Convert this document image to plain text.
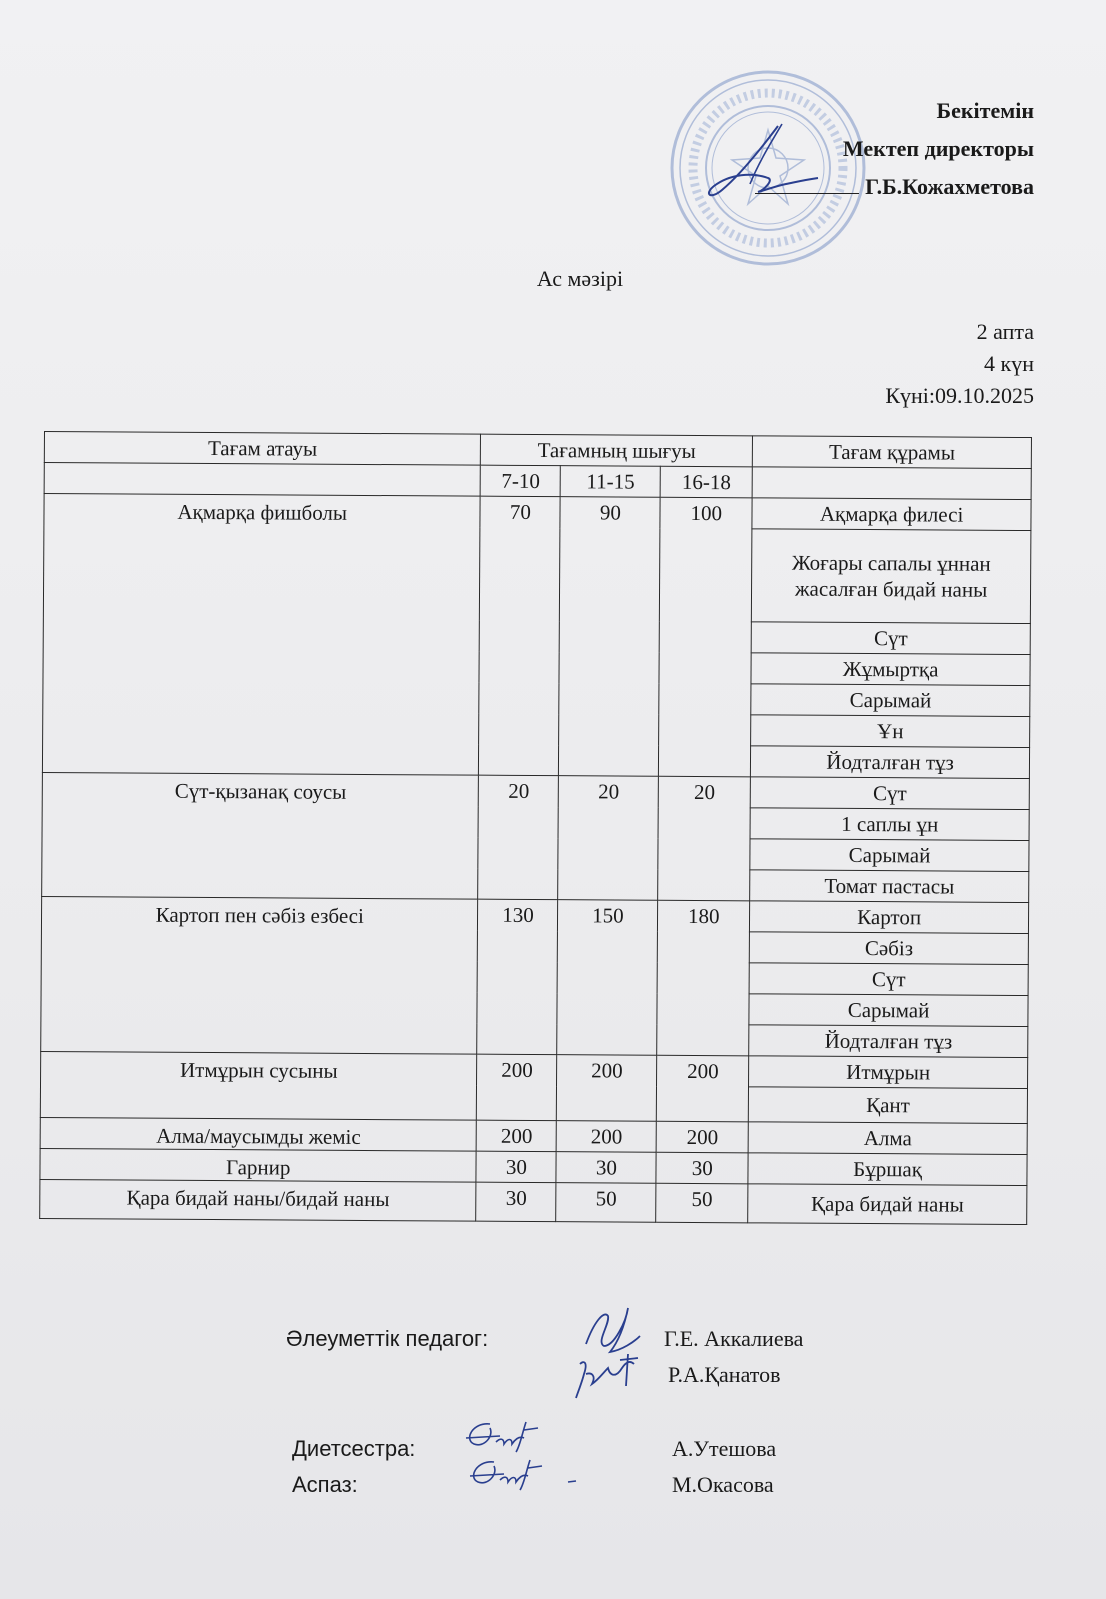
Бекітемін
Мектеп директоры
Г.Б.Кожахметова
Ас мәзірі
2 апта
4 күн
Күні:09.10.2025
Тағам атауы	Тағамның шығуы			Тағам құрамы
	7-10	11-15	16-18	
Ақмарқа фишболы	70	90	100	Ақмарқа филесі
				Жоғары сапалы ұннан жасалған бидай наны
				Сүт
				Жұмыртқа
				Сарымай
				Ұн
				Йодталған тұз
Сүт-қызанақ соусы	20	20	20	Сүт
				1 саплы ұн
				Сарымай
				Томат пастасы
Картоп пен сәбіз езбесі	130	150	180	Картоп
				Сәбіз
				Сүт
				Сарымай
				Йодталған тұз
Итмұрын сусыны	200	200	200	Итмұрын
				Қант
Алма/маусымды жеміс	200	200	200	Алма
Гарнир	30	30	30	Бұршақ
Қара бидай наны/бидай наны	30	50	50	Қара бидай наны
Әлеуметтік педагог:	Г.Е. Аккалиева
Р.А.Қанатов
Диетсестра:	А.Утешова
Аспаз:	М.Окасова
